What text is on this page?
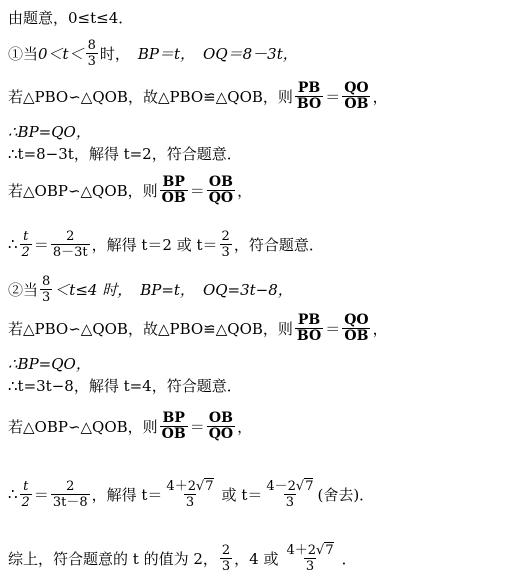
由题意，0≤t≤4．
①当 $0<t< \frac{8}{3}$ 时， BP＝t， OQ＝8－3t，
若△PBO∽△QOB，故△PBO≌△QOB，则 $\frac{PB}{BO} = \frac{QO}{OB}$ ，
∴BP=QO，
∴t=8−3t，解得 t=2，符合题意．
若△OBP∽△QOB，则 $\frac{BP}{OB} = \frac{OB}{QO}$ ，
∴ $\frac{t}{2} = \frac{2}{8-3t}$ ，解得 t＝2 或 $t= \frac{2}{3}$ ，符合题意．
②当 $\frac{8}{3} <t\le 4$ 时， BP=t， OQ=3t−8，
若△PBO∽△QOB，故△PBO≌△QOB，则 $\frac{PB}{BO} = \frac{QO}{OB}$ ，
∴BP=QO，
∴t=3t−8，解得 t=4，符合题意．
若△OBP∽△QOB，则 $\frac{BP}{OB} = \frac{OB}{QO}$ ，
∴ $\frac{t}{2} = \frac{2}{3t-8}$ ，解得 $t= \frac{4+2√7}{3}$ 或 $t= \frac{4-2√7}{3}$ (舍去)．
综上，符合题意的 t 的值为 2， $\frac{2}{3}$ ，4 或 $\frac{4+2√7}{3}$ ．
